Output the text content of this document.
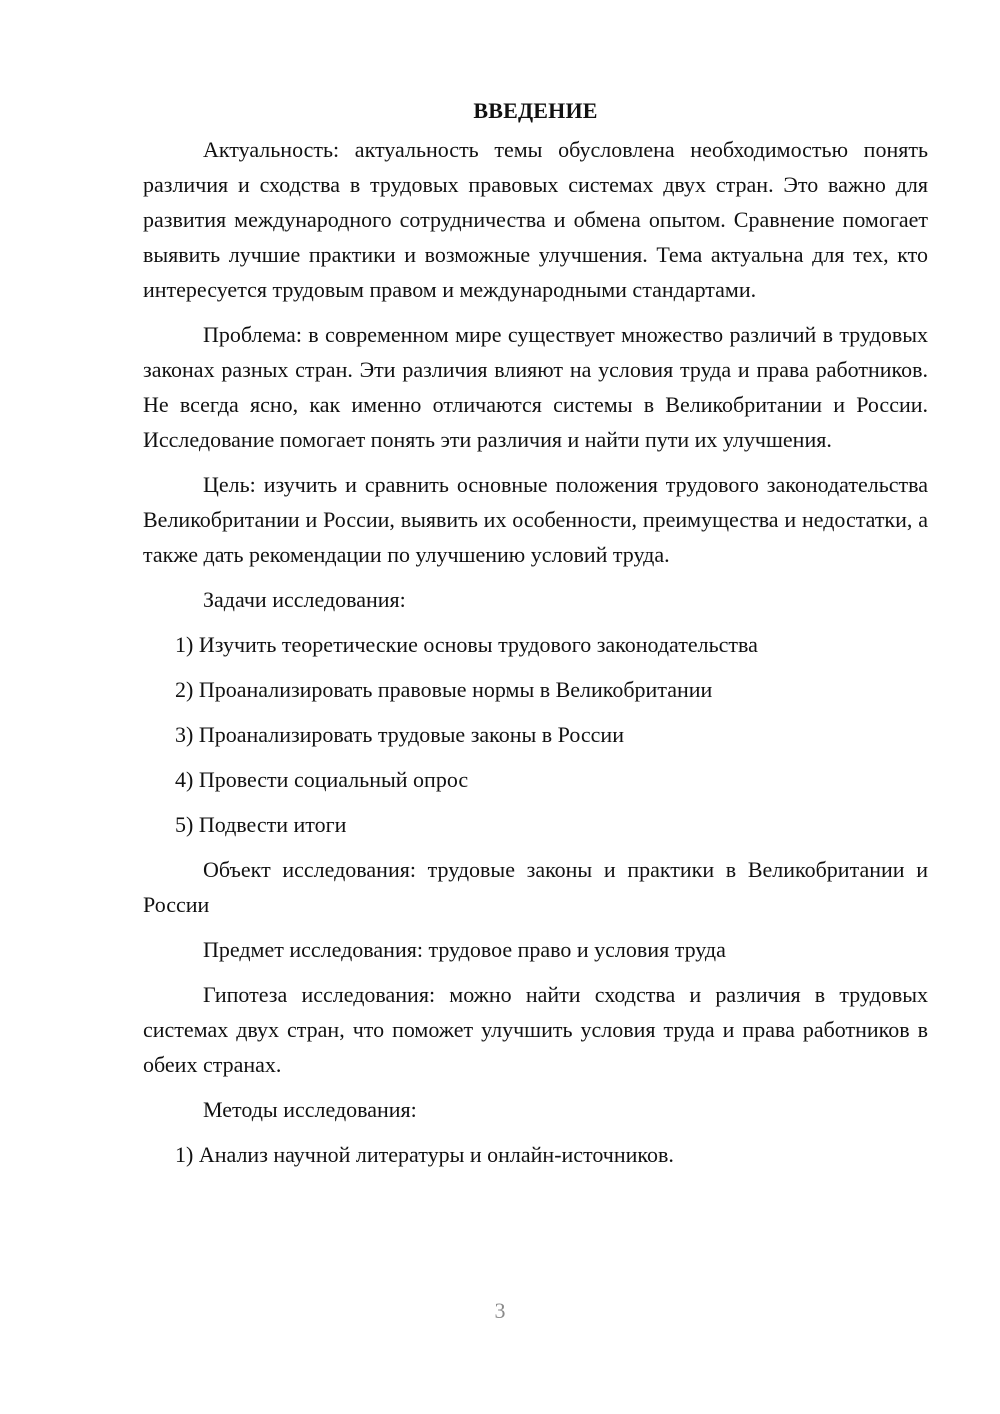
ВВЕДЕНИЕ

Актуальность: актуальность темы обусловлена необходимостью понять различия и сходства в трудовых правовых системах двух стран. Это важно для развития международного сотрудничества и обмена опытом. Сравнение помогает выявить лучшие практики и возможные улучшения. Тема актуальна для тех, кто интересуется трудовым правом и международными стандартами.

Проблема: в современном мире существует множество различий в трудовых законах разных стран. Эти различия влияют на условия труда и права работников. Не всегда ясно, как именно отличаются системы в Великобритании и России. Исследование помогает понять эти различия и найти пути их улучшения.

Цель: изучить и сравнить основные положения трудового законодательства Великобритании и России, выявить их особенности, преимущества и недостатки, а также дать рекомендации по улучшению условий труда.

Задачи исследования:
1) Изучить теоретические основы трудового законодательства
2) Проанализировать правовые нормы в Великобритании
3) Проанализировать трудовые законы в России
4) Провести социальный опрос
5) Подвести итоги

Объект исследования: трудовые законы и практики в Великобритании и России

Предмет исследования: трудовое право и условия труда

Гипотеза исследования: можно найти сходства и различия в трудовых системах двух стран, что поможет улучшить условия труда и права работников в обеих странах.

Методы исследования:
1) Анализ научной литературы и онлайн-источников.
3
